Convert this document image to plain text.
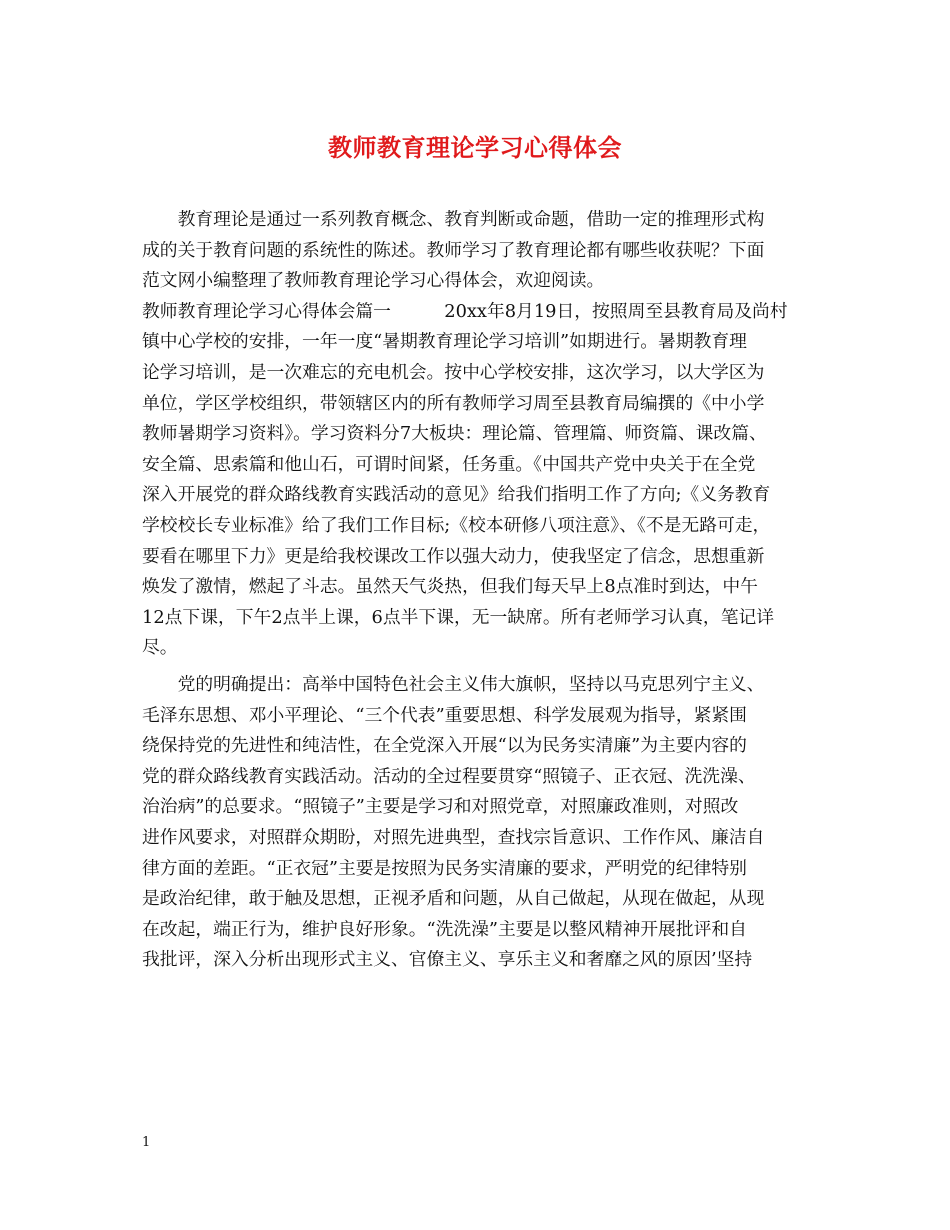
教师教育理论学习心得体会
　　教育理论是通过一系列教育概念、教育判断或命题，借助一定的推理形式构
成的关于教育问题的系统性的陈述。教师学习了教育理论都有哪些收获呢？下面
范文网小编整理了教师教育理论学习心得体会，欢迎阅读。
教师教育理论学习心得体会篇一　　　20xx年8月19日，按照周至县教育局及尚村
镇中心学校的安排，一年一度“暑期教育理论学习培训”如期进行。暑期教育理
论学习培训，是一次难忘的充电机会。按中心学校安排，这次学习，以大学区为
单位，学区学校组织，带领辖区内的所有教师学习周至县教育局编撰的《中小学
教师暑期学习资料》。学习资料分7大板块：理论篇、管理篇、师资篇、课改篇、
安全篇、思索篇和他山石，可谓时间紧，任务重。《中国共产党中央关于在全党
深入开展党的群众路线教育实践活动的意见》给我们指明工作了方向;《义务教育
学校校长专业标准》给了我们工作目标;《校本研修八项注意》、《不是无路可走，
要看在哪里下力》更是给我校课改工作以强大动力，使我坚定了信念，思想重新
焕发了激情，燃起了斗志。虽然天气炎热，但我们每天早上8点准时到达，中午
12点下课，下午2点半上课，6点半下课，无一缺席。所有老师学习认真，笔记详
尽。
　　党的明确提出：高举中国特色社会主义伟大旗帜，坚持以马克思列宁主义、
毛泽东思想、邓小平理论、“三个代表”重要思想、科学发展观为指导，紧紧围
绕保持党的先进性和纯洁性，在全党深入开展“以为民务实清廉”为主要内容的
党的群众路线教育实践活动。活动的全过程要贯穿“照镜子、正衣冠、洗洗澡、
治治病”的总要求。“照镜子”主要是学习和对照党章，对照廉政准则，对照改
进作风要求，对照群众期盼，对照先进典型，查找宗旨意识、工作作风、廉洁自
律方面的差距。“正衣冠”主要是按照为民务实清廉的要求，严明党的纪律特别
是政治纪律，敢于触及思想，正视矛盾和问题，从自己做起，从现在做起，从现
在改起，端正行为，维护良好形象。“洗洗澡”主要是以整风精神开展批评和自
我批评，深入分析出现形式主义、官僚主义、享乐主义和奢靡之风的原因’坚持
1
